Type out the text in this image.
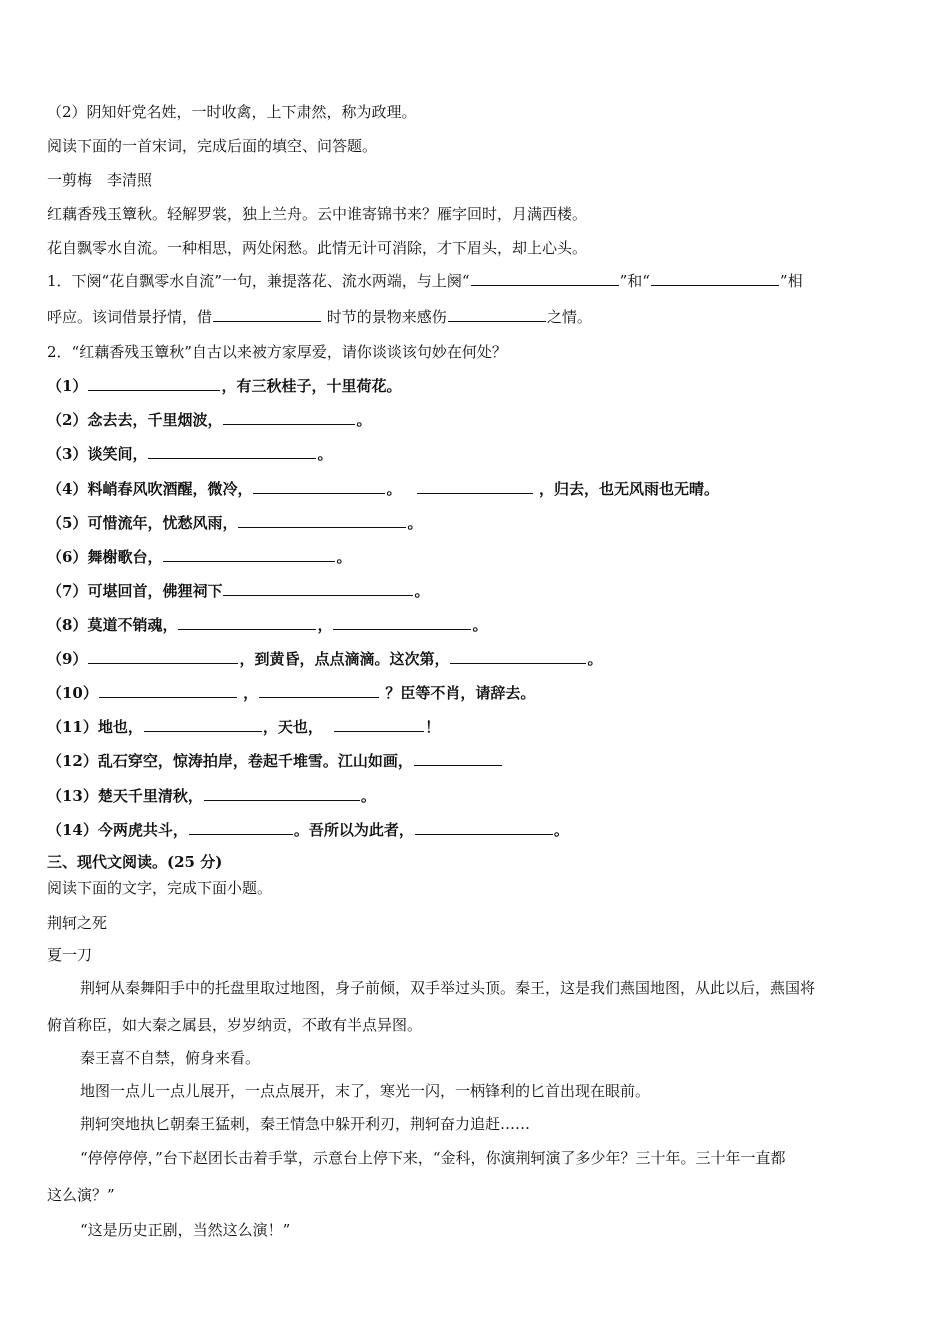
（2）阴知奸党名姓，一时收禽，上下肃然，称为政理。
阅读下面的一首宋词，完成后面的填空、问答题。
一剪梅　李清照
红藕香残玉簟秋。轻解罗裳，独上兰舟。云中谁寄锦书来？雁字回时，月满西楼。
花自飘零水自流。一种相思，两处闲愁。此情无计可消除，才下眉头，却上心头。
1．下阕“花自飘零水自流”一句，兼提落花、流水两端，与上阕“	”和“	”相
呼应。该词借景抒情，借	时节的景物来感伤	之情。
2．“红藕香残玉簟秋”自古以来被方家厚爱，请你谈谈该句妙在何处？
（1）	，有三秋桂子，十里荷花。
（2）念去去，千里烟波，	。
（3）谈笑间，	。
（4）料峭春风吹酒醒，微冷，	。	，归去，也无风雨也无晴。
（5）可惜流年，忧愁风雨，	。
（6）舞榭歌台，	。
（7）可堪回首，佛狸祠下	。
（8）莫道不销魂，	，	。
（9）	，到黄昏，点点滴滴。这次第，	。
（10）	，	？臣等不肖，请辞去。
（11）地也，	，天也，	！
（12）乱石穿空，惊涛拍岸，卷起千堆雪。江山如画，
（13）楚天千里清秋，	。
（14）今两虎共斗，	。吾所以为此者，	。
三、现代文阅读。(25 分)
阅读下面的文字，完成下面小题。
荆轲之死
夏一刀
荆轲从秦舞阳手中的托盘里取过地图，身子前倾，双手举过头顶。秦王，这是我们燕国地图，从此以后，燕国将
俯首称臣，如大秦之属县，岁岁纳贡，不敢有半点异图。
秦王喜不自禁，俯身来看。
地图一点儿一点儿展开，一点点展开，末了，寒光一闪，一柄锋利的匕首出现在眼前。
荆轲突地执匕朝秦王猛刺，秦王情急中躲开利刃，荆轲奋力追赶……
“停停停停，”台下赵团长击着手掌，示意台上停下来，“金科，你演荆轲演了多少年？三十年。三十年一直都
这么演？”
“这是历史正剧，当然这么演！”
